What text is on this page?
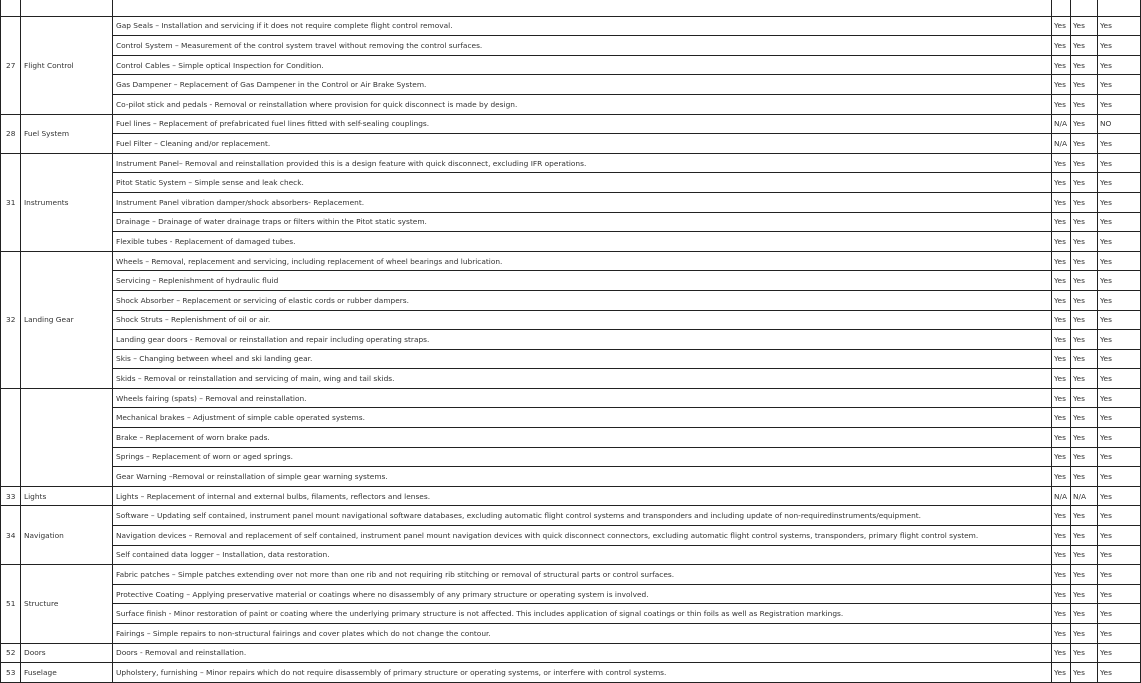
27	Flight Control	Gap Seals – Installation and servicing if it does not require complete flight control removal.	Yes	Yes	Yes
		Control System – Measurement of the control system travel without removing the control surfaces.	Yes	Yes	Yes
		Control Cables – Simple optical Inspection for Condition.	Yes	Yes	Yes
		Gas Dampener – Replacement of Gas Dampener in the Control or Air Brake System.	Yes	Yes	Yes
		Co-pilot stick and pedals - Removal or reinstallation where provision for quick disconnect is made by design.	Yes	Yes	Yes
28	Fuel System	Fuel lines – Replacement of prefabricated fuel lines fitted with self-sealing couplings.	N/A	Yes	NO
		Fuel Filter – Cleaning and/or replacement.	N/A	Yes	Yes
31	Instruments	Instrument Panel– Removal and reinstallation provided this is a design feature with quick disconnect, excluding IFR operations.	Yes	Yes	Yes
		Pitot Static System – Simple sense and leak check.	Yes	Yes	Yes
		Instrument Panel vibration damper/shock absorbers- Replacement.	Yes	Yes	Yes
		Drainage – Drainage of water drainage traps or filters within the Pitot static system.	Yes	Yes	Yes
		Flexible tubes - Replacement of damaged tubes.	Yes	Yes	Yes
32	Landing Gear	Wheels – Removal, replacement and servicing, including replacement of wheel bearings and lubrication.	Yes	Yes	Yes
		Servicing – Replenishment of hydraulic fluid	Yes	Yes	Yes
		Shock Absorber – Replacement or servicing of elastic cords or rubber dampers.	Yes	Yes	Yes
		Shock Struts – Replenishment of oil or air.	Yes	Yes	Yes
		Landing gear doors - Removal or reinstallation and repair including operating straps.	Yes	Yes	Yes
		Skis – Changing between wheel and ski landing gear.	Yes	Yes	Yes
		Skids – Removal or reinstallation and servicing of main, wing and tail skids.	Yes	Yes	Yes
		Wheels fairing (spats) – Removal and reinstallation.	Yes	Yes	Yes
		Mechanical brakes – Adjustment of simple cable operated systems.	Yes	Yes	Yes
		Brake – Replacement of worn brake pads.	Yes	Yes	Yes
		Springs – Replacement of worn or aged springs.	Yes	Yes	Yes
		Gear Warning –Removal or reinstallation of simple gear warning systems.	Yes	Yes	Yes
33	Lights	Lights – Replacement of internal and external bulbs, filaments, reflectors and lenses.	N/A	N/A	Yes
34	Navigation	Software – Updating self contained, instrument panel mount navigational software databases, excluding automatic flight control systems and transponders and including update of non-requiredinstruments/equipment.	Yes	Yes	Yes
		Navigation devices – Removal and replacement of self contained, instrument panel mount navigation devices with quick disconnect connectors, excluding automatic flight control systems, transponders, primary flight control system.	Yes	Yes	Yes
		Self contained data logger – Installation, data restoration.	Yes	Yes	Yes
51	Structure	Fabric patches – Simple patches extending over not more than one rib and not requiring rib stitching or removal of structural parts or control surfaces.	Yes	Yes	Yes
		Protective Coating – Applying preservative material or coatings where no disassembly of any primary structure or operating system is involved.	Yes	Yes	Yes
		Surface finish - Minor restoration of paint or coating where the underlying primary structure is not affected. This includes application of signal coatings or thin foils as well as Registration markings.	Yes	Yes	Yes
		Fairings – Simple repairs to non-structural fairings and cover plates which do not change the contour.	Yes	Yes	Yes
52	Doors	Doors - Removal and reinstallation.	Yes	Yes	Yes
53	Fuselage	Upholstery, furnishing – Minor repairs which do not require disassembly of primary structure or operating systems, or interfere with control systems.	Yes	Yes	Yes
